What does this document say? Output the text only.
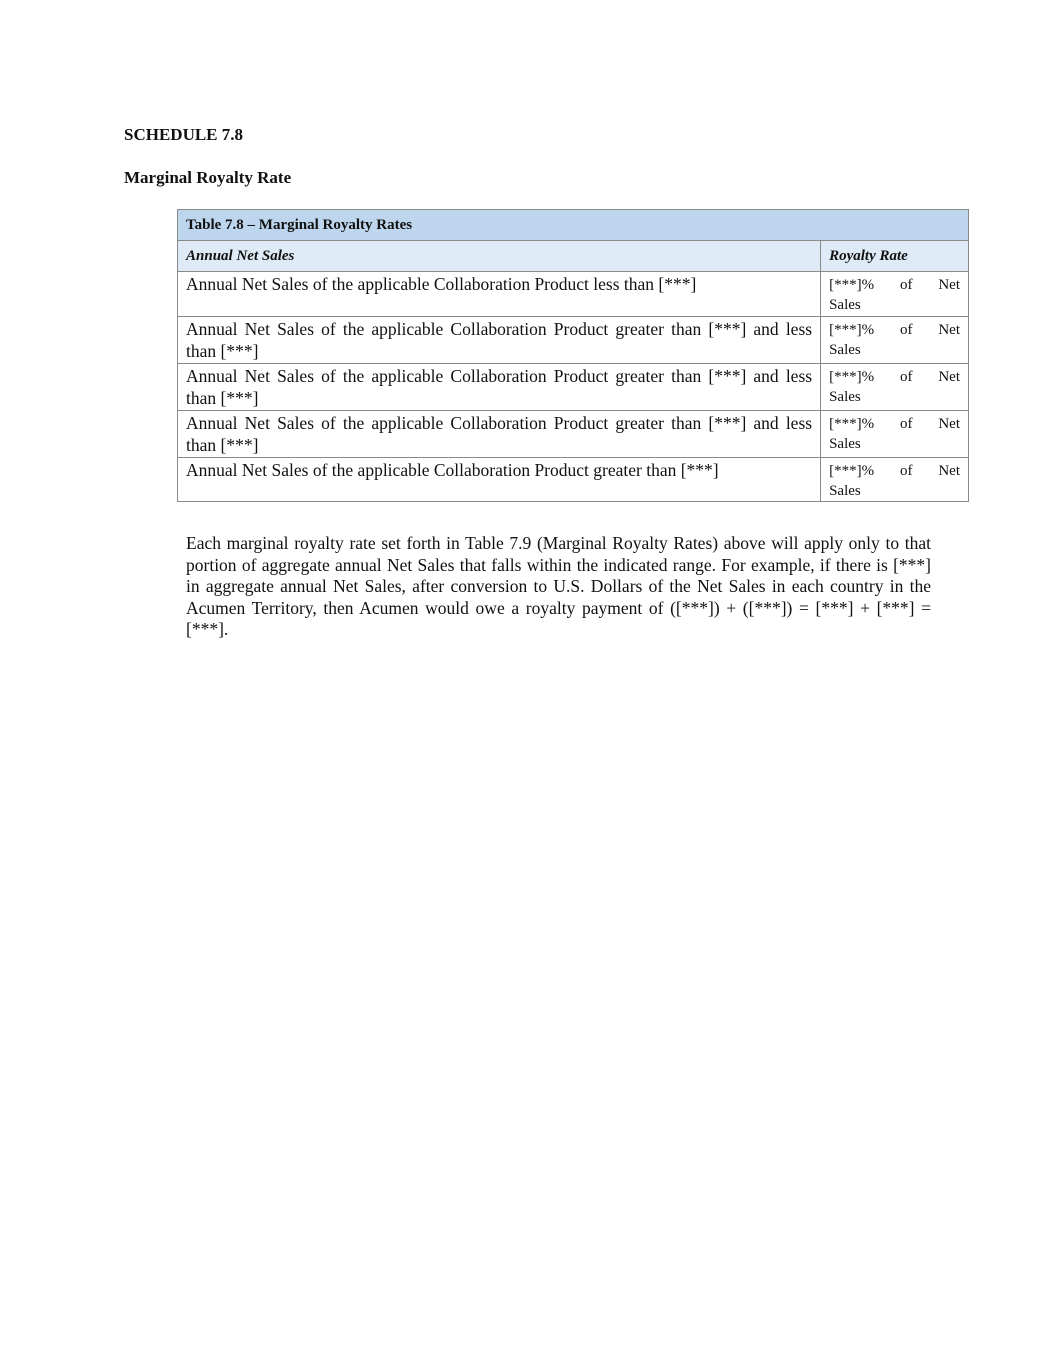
SCHEDULE 7.8
Marginal Royalty Rate
Table 7.8 – Marginal Royalty Rates	
Annual Net Sales	Royalty Rate
Annual Net Sales of the applicable Collaboration Product less than [***]	[***]% of Net
Sales

Annual Net Sales of the applicable Collaboration Product greater than [***] and less than [***]	[***]% of Net
Sales

Annual Net Sales of the applicable Collaboration Product greater than [***] and less than [***]	[***]% of Net
Sales

Annual Net Sales of the applicable Collaboration Product greater than [***] and less than [***]	[***]% of Net
Sales

Annual Net Sales of the applicable Collaboration Product greater than [***]	[***]% of Net
Sales

Each marginal royalty rate set forth in Table 7.9 (Marginal Royalty Rates) above will apply only to that portion of aggregate annual Net Sales that falls within the indicated range. For example, if there is [***] in aggregate annual Net Sales, after conversion to U.S. Dollars of the Net Sales in each country in the Acumen Territory, then Acumen would owe a royalty payment of ([***]) + ([***]) = [***] + [***] = [***].
